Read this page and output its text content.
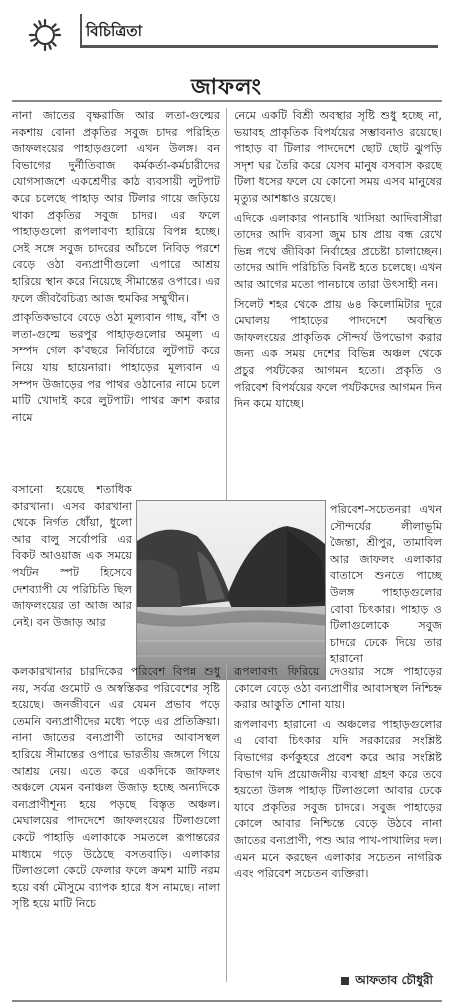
বিচিত্রিতা
জাফলং

নানা জাতের বৃক্ষরাজি আর লতা-গুল্মের নকশায় বোনা প্রকৃতির সবুজ চাদর পরিহিত জাফলংয়ের পাহাড়গুলো এখন উলঙ্গ। বন বিভাগের দুর্নীতিবাজ কর্মকর্তা-কর্মচারীদের যোগসাজশে একশ্রেণীর কাঠ ব্যবসায়ী লুটপাট করে চলেছে পাহাড় আর টিলার গায়ে জড়িয়ে থাকা প্রকৃতির সবুজ চাদর। এর ফলে পাহাড়গুলো রূপলাবণ্য হারিয়ে বিপন্ন হচ্ছে। সেই সঙ্গে সবুজ চাদরের আঁচলে নিবিড় পরশে বেড়ে ওঠা বন্যপ্রাণীগুলো এপারে আশ্রয় হারিয়ে স্থান করে নিয়েছে সীমান্তের ওপারে। এর ফলে জীববৈচিত্র্য আজ হুমকির সম্মুখীন।

প্রাকৃতিকভাবে বেড়ে ওঠা মূল্যবান গাছ, বাঁশ ও লতা-গুল্মে ভরপুর পাহাড়গুলোর অমূল্য এ সম্পদ গেল ক'বছরে নির্বিচারে লুটপাট করে নিয়ে যায় হায়েনারা। পাহাড়ের মূল্যবান এ সম্পদ উজাড়ের পর পাথর ওঠানোর নামে চলে মাটি খোদাই করে লুটপাট। পাথর ক্রাশ করার নামে

নেমে একটি বিশ্রী অবস্থার সৃষ্টি শুধু হচ্ছে না, ভয়াবহ প্রাকৃতিক বিপর্যয়ের সম্ভাবনাও রয়েছে। পাহাড় বা টিলার পাদদেশে ছোট ছোট ঝুপড়ি সদৃশ ঘর তৈরি করে যেসব মানুষ বসবাস করছে টিলা ধসের ফলে যে কোনো সময় এসব মানুষের মৃত্যুর আশঙ্কাও রয়েছে।

এদিকে এলাকার পানচাষি খাসিয়া আদিবাসীরা তাদের আদি ব্যবসা জুম চাষ প্রায় বন্ধ রেখে ভিন্ন পথে জীবিকা নির্বাহের প্রচেষ্টা চালাচ্ছেন। তাদের আদি পরিচিতি বিনষ্ট হতে চলেছে। এখন আর আগের মতো পানচাষে তারা উৎসাহী নন।

সিলেট শহর থেকে প্রায় ৬৪ কিলোমিটার দূরে মেঘালয় পাহাড়ের পাদদেশে অবস্থিত জাফলংয়ের প্রাকৃতিক সৌন্দর্য উপভোগ করার জন্য এক সময় দেশের বিভিন্ন অঞ্চল থেকে প্রচুর পর্যটকের আগমন হতো। প্রকৃতি ও পরিবেশ বিপর্যয়ের ফলে পর্যটকদের আগমন দিন দিন কমে যাচ্ছে।

বসানো হয়েছে শতাধিক কারখানা। এসব কারখানা থেকে নির্গত ধোঁয়া, ধুলো আর বালু সর্বোপরি এর বিকট আওয়াজ এক সময়ে পর্যটন স্পট হিসেবে দেশব্যাপী যে পরিচিতি ছিল জাফলংয়ের তা আজ আর নেই। বন উজাড় আর

পরিবেশ-সচেতনরা এখন সৌন্দর্যের লীলাভূমি জৈন্তা, শ্রীপুর, তামাবিল আর জাফলং এলাকার বাতাসে শুনতে পাচ্ছে উলঙ্গ পাহাড়গুলোর বোবা চিৎকার। পাহাড় ও টিলাগুলোকে সবুজ চাদরে ঢেকে দিয়ে তার হারানো

কলকারখানার চারদিকের পরিবেশ বিপন্ন শুধু নয়, সর্বত্র গুমোট ও অস্বস্তিকর পরিবেশের সৃষ্টি হয়েছে। জনজীবনে এর যেমন প্রভাব পড়ে তেমনি বন্যপ্রাণীদের মধ্যে পড়ে এর প্রতিক্রিয়া। নানা জাতের বন্যপ্রাণী তাদের আবাসস্থল হারিয়ে সীমান্তের ওপারে ভারতীয় জঙ্গলে গিয়ে আশ্রয় নেয়। এতে করে একদিকে জাফলং অঞ্চলে যেমন বনাঞ্চল উজাড় হচ্ছে অন্যদিকে বন্যপ্রাণীশূন্য হয়ে পড়ছে বিস্তৃত অঞ্চল। মেঘালয়ের পাদদেশে জাফলংয়ের টিলাগুলো কেটে পাহাড়ি এলাকাকে সমতলে রূপান্তরের মাধ্যমে গড়ে উঠেছে বসতবাড়ি। এলাকার টিলাগুলো কেটে ফেলার ফলে ক্রমশ মাটি নরম হয়ে বর্ষা মৌসুমে ব্যাপক হারে ধস নামছে। নালা সৃষ্টি হয়ে মাটি নিচে

রূপলাবণ্য ফিরিয়ে দেওয়ার সঙ্গে পাহাড়ের কোলে বেড়ে ওঠা বন্যপ্রাণীর আবাসস্থল নিশ্চিহ্ন করার আকুতি শোনা যায়।

রূপলাবণ্য হারানো এ অঞ্চলের পাহাড়গুলোর এ বোবা চিৎকার যদি সরকারের সংশ্লিষ্ট বিভাগের কর্ণকুহরে প্রবেশ করে আর সংশ্লিষ্ট বিভাগ যদি প্রয়োজনীয় ব্যবস্থা গ্রহণ করে তবে হয়তো উলঙ্গ পাহাড় টিলাগুলো আবার ঢেকে যাবে প্রকৃতির সবুজ চাদরে। সবুজ পাহাড়ের কোলে আবার নিশ্চিন্তে বেড়ে উঠবে নানা জাতের বন্যপ্রাণী, পশু আর পাখ-পাখালির দল। এমন মনে করছেন এলাকার সচেতন নাগরিক এবং পরিবেশ সচেতন ব্যক্তিরা।

আফতাব চৌধুরী
